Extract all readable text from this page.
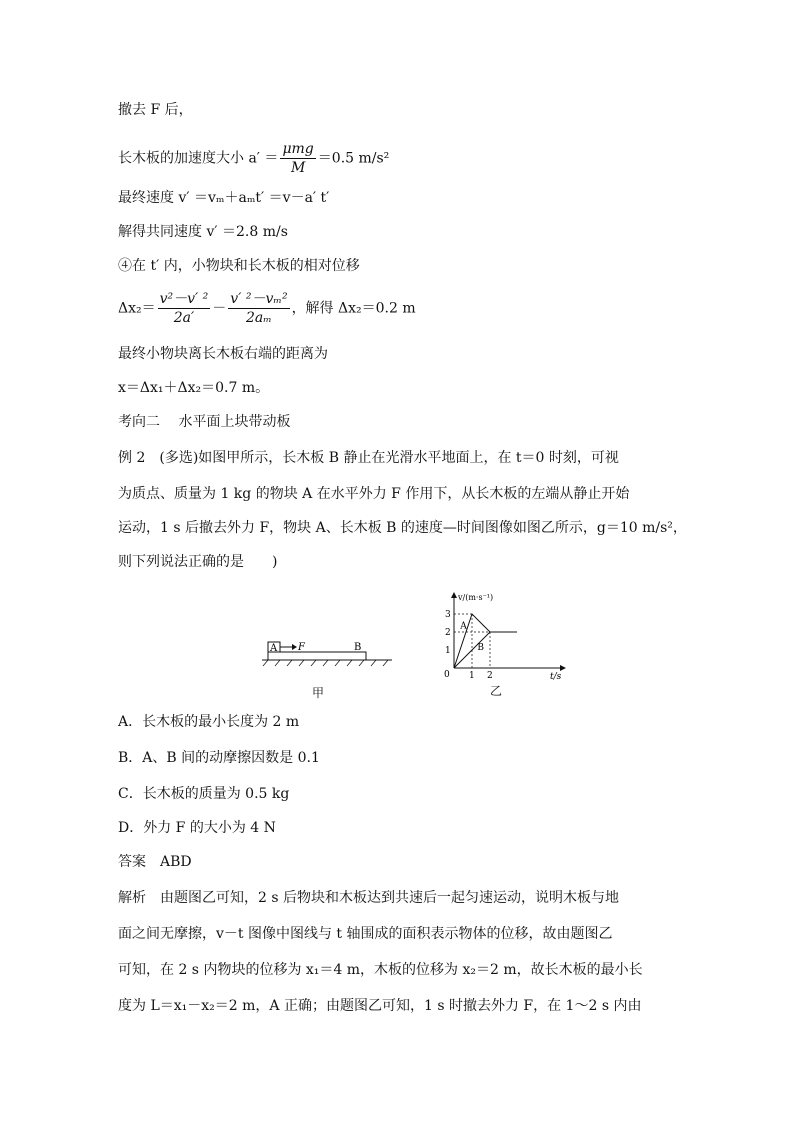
撤去 F 后，
长木板的加速度大小 $a' = \frac{\text{μmg}}{M} =0.5$ m/s²
最终速度 v′ ＝vₘ＋aₘt′ ＝v－a′ t′
解得共同速度 v′ ＝2.8 m/s
④在 t′ 内，小物块和长木板的相对位移
$\Delta x_2= \frac{\text{v²－v′ ²}}{2a'} - \frac{\text{v′ ²－vₘ²}}{\text{2aₘ}}$ ，解得 Δx₂＝0.2 m
最终小物块离长木板右端的距离为
x＝Δx₁＋Δx₂＝0.7 m。
考向二　 水平面上块带动板
例 2　(多选)如图甲所示，长木板 B 静止在光滑水平地面上，在 t＝0 时刻，可视
为质点、质量为 1 kg 的物块 A 在水平外力 F 作用下，从长木板的左端从静止开始
运动，1 s 后撤去外力 F，物块 A、长木板 B 的速度—时间图像如图乙所示，g＝10 m/s²，
则下列说法正确的是　　)
A F	B
甲
A
B
1
2
3
1 2
v/(m·s⁻¹)
t/s
0
乙
A．长木板的最小长度为 2 m
B．A、B 间的动摩擦因数是 0.1
C．长木板的质量为 0.5 kg
D．外力 F 的大小为 4 N
答案　ABD
解析　由题图乙可知，2 s 后物块和木板达到共速后一起匀速运动，说明木板与地
面之间无摩擦，v－t 图像中图线与 t 轴围成的面积表示物体的位移，故由题图乙
可知，在 2 s 内物块的位移为 x₁＝4 m，木板的位移为 x₂＝2 m，故长木板的最小长
度为 L＝x₁－x₂＝2 m，A 正确；由题图乙可知，1 s 时撤去外力 F，在 1～2 s 内由
